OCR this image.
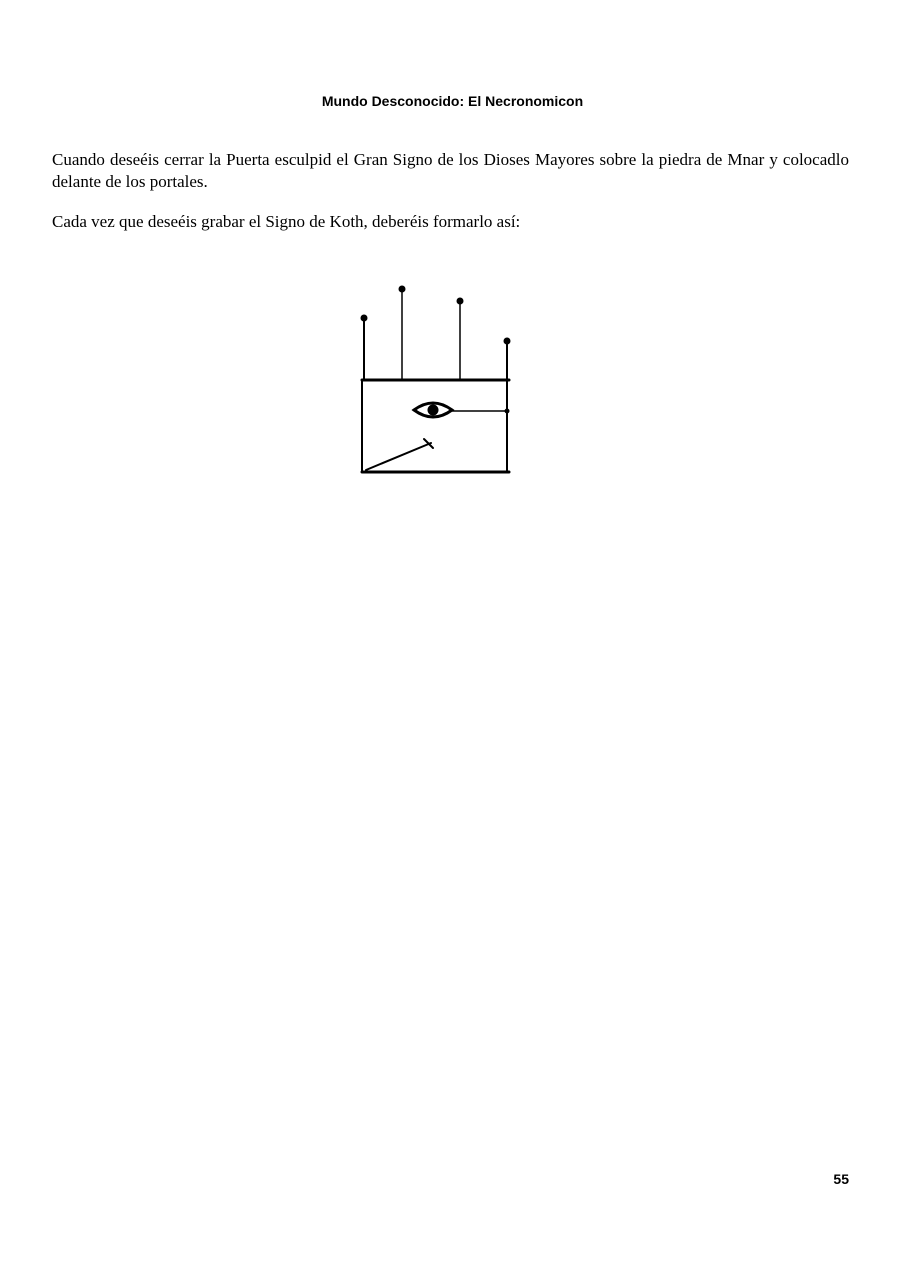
Mundo Desconocido: El Necronomicon

Cuando deseéis cerrar la Puerta esculpid el Gran Signo de los Dioses Mayores sobre la piedra de Mnar y colocadlo delante de los portales.

Cada vez que deseéis grabar el Signo de Koth, deberéis formarlo así:

55
